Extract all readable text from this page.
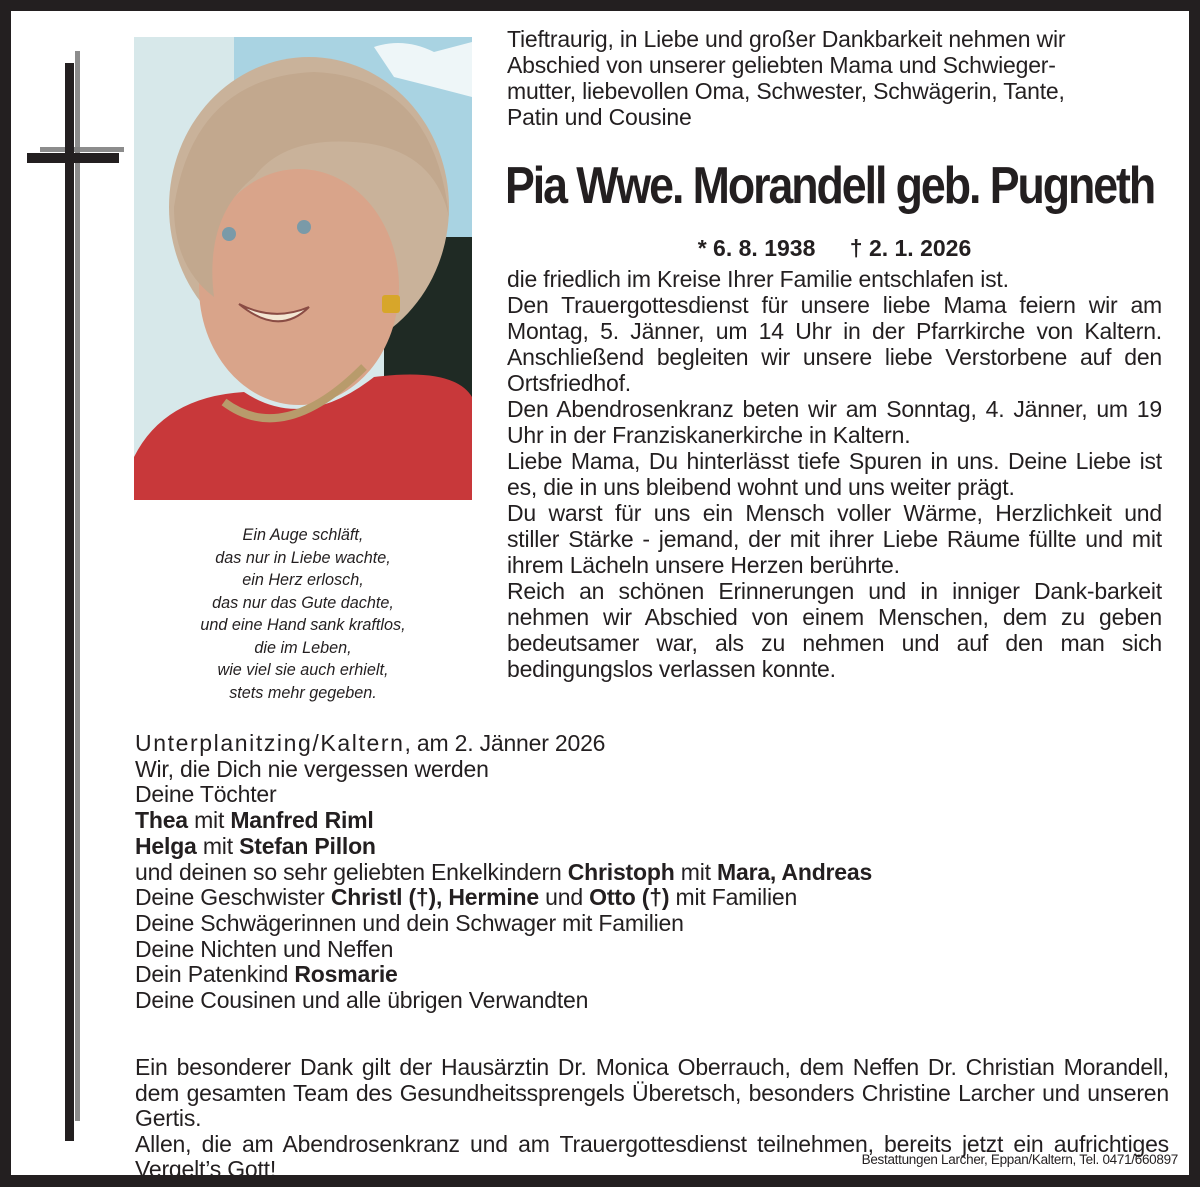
Ein Auge schläft,
das nur in Liebe wachte,
ein Herz erlosch,
das nur das Gute dachte,
und eine Hand sank kraftlos,
die im Leben,
wie viel sie auch erhielt,
stets mehr gegeben.
Tieftraurig, in Liebe und großer Dankbarkeit nehmen wir
Abschied von unserer geliebten Mama und Schwieger-
mutter, liebevollen Oma, Schwester, Schwägerin, Tante,
Patin und Cousine
Pia Wwe. Morandell geb. Pugneth
* 6. 8. 1938 † 2. 1. 2026

die friedlich im Kreise Ihrer Familie entschlafen ist.

Den Trauergottesdienst für unsere liebe Mama feiern wir am Montag, 5. Jänner, um 14 Uhr in der Pfarrkirche von Kaltern. Anschließend begleiten wir unsere liebe Verstorbene auf den Ortsfriedhof.

Den Abendrosenkranz beten wir am Sonntag, 4. Jänner, um 19 Uhr in der Franziskanerkirche in Kaltern.

Liebe Mama, Du hinterlässt tiefe Spuren in uns. Deine Liebe ist es, die in uns bleibend wohnt und uns weiter prägt.

Du warst für uns ein Mensch voller Wärme, Herzlichkeit und stiller Stärke - jemand, der mit ihrer Liebe Räume füllte und mit ihrem Lächeln unsere Herzen berührte.

Reich an schönen Erinnerungen und in inniger Dank-barkeit nehmen wir Abschied von einem Menschen, dem zu geben bedeutsamer war, als zu nehmen und auf den man sich bedingungslos verlassen konnte.

Unterplanitzing/Kaltern, am 2. Jänner 2026

Wir, die Dich nie vergessen werden

Deine Töchter

Thea mit Manfred Riml

Helga mit Stefan Pillon

und deinen so sehr geliebten Enkelkindern Christoph mit Mara, Andreas

Deine Geschwister Christl (†), Hermine und Otto (†) mit Familien

Deine Schwägerinnen und dein Schwager mit Familien

Deine Nichten und Neffen

Dein Patenkind Rosmarie

Deine Cousinen und alle übrigen Verwandten

Ein besonderer Dank gilt der Hausärztin Dr. Monica Oberrauch, dem Neffen Dr. Christian Morandell, dem gesamten Team des Gesundheitssprengels Überetsch, besonders Christine Larcher und unseren Gertis.

Allen, die am Abendrosenkranz und am Trauergottesdienst teilnehmen, bereits jetzt ein aufrichtiges Vergelt’s Gott!	Bestattungen Larcher, Eppan/Kaltern, Tel. 0471/660897
